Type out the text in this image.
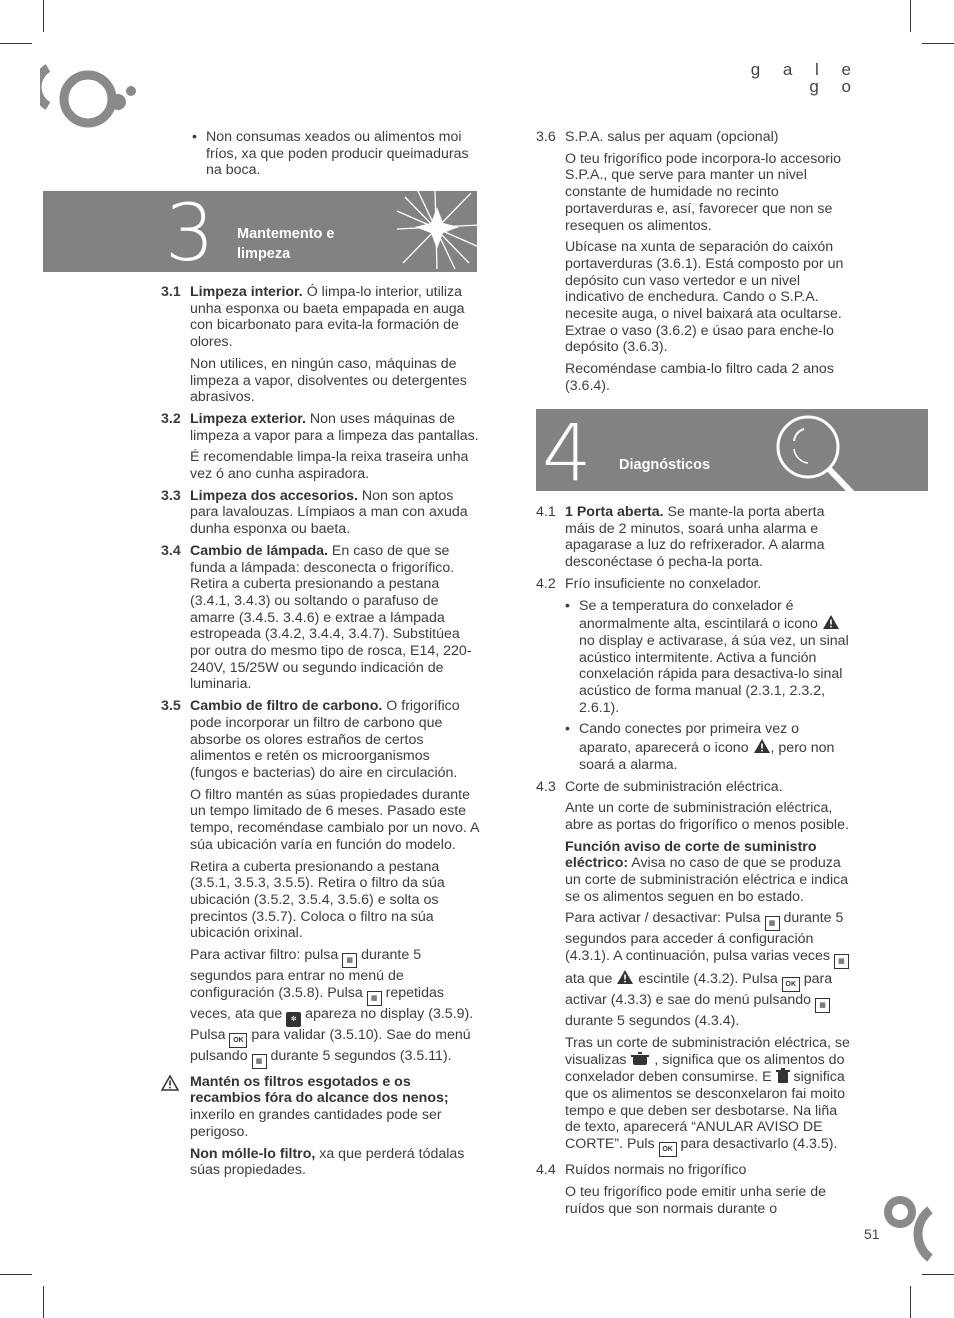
g a l e g o
51
• Non consumas xeados ou alimentos moi fríos, xa que poden producir queimaduras na boca.
3 Mantemento e
limpeza
3.1 Limpeza interior. Ó limpa-lo interior, utiliza unha esponxa ou baeta empapada en auga con bicarbonato para evita-la formación de olores.
Non utilices, en ningún caso, máquinas de limpeza a vapor, disolventes ou detergentes abrasivos.
3.2 Limpeza exterior. Non uses máquinas de limpeza a vapor para a limpeza das pantallas.
É recomendable limpa-la reixa traseira unha vez ó ano cunha aspiradora.
3.3 Limpeza dos accesorios. Non son aptos para lavalouzas. Límpiaos a man con axuda dunha esponxa ou baeta.
3.4 Cambio de lámpada. En caso de que se funda a lámpada: desconecta o frigorífico. Retira a cuberta presionando a pestana (3.4.1, 3.4.3) ou soltando o parafuso de amarre (3.4.5. 3.4.6) e extrae a lámpada estropeada (3.4.2, 3.4.4, 3.4.7). Substitúea por outra do mesmo tipo de rosca, E14, 220-240V, 15/25W ou segundo indicación de luminaria.
3.5 Cambio de filtro de carbono. O frigorífico pode incorporar un filtro de carbono que absorbe os olores estraños de certos alimentos e retén os microorganismos (fungos e bacterias) do aire en circulación.
O filtro mantén as súas propiedades durante un tempo limitado de 6 meses. Pasado este tempo, recoméndase cambialo por un novo. A súa ubicación varía en función do modelo.
Retira a cuberta presionando a pestana (3.5.1, 3.5.3, 3.5.5). Retira o filtro da súa ubicación (3.5.2, 3.5.4, 3.5.6) e solta os precintos (3.5.7). Coloca o filtro na súa ubicación orixinal.
Para activar filtro: pulsa ▦ durante 5 segundos para entrar no menú de configuración (3.5.8). Pulsa ▦ repetidas veces, ata que ✻ apareza no display (3.5.9). Pulsa OK para validar (3.5.10). Sae do menú pulsando ▦ durante 5 segundos (3.5.11).
Mantén os filtros esgotados e os recambios fóra do alcance dos nenos; inxerilo en grandes cantidades pode ser perigoso.
Non mólle-lo filtro, xa que perderá tódalas súas propiedades.
3.6 S.P.A. salus per aquam (opcional)
O teu frigorífico pode incorpora-lo accesorio S.P.A., que serve para manter un nivel constante de humidade no recinto portaverduras e, así, favorecer que non se resequen os alimentos.
Ubícase na xunta de separación do caixón portaverduras (3.6.1). Está composto por un depósito cun vaso vertedor e un nivel indicativo de enchedura. Cando o S.P.A. necesite auga, o nivel baixará ata ocultarse. Extrae o vaso (3.6.2) e úsao para enche-lo depósito (3.6.3).
Recoméndase cambia-lo filtro cada 2 anos (3.6.4).
4 Diagnósticos
4.1 1 Porta aberta. Se mante-la porta aberta máis de 2 minutos, soará unha alarma e apagarase a luz do refrixerador. A alarma desconéctase ó pecha-la porta.
4.2 Frío insuficiente no conxelador.
• Se a temperatura do conxelador é anormalmente alta, escintilará o icono  no display e activarase, á súa vez, un sinal acústico intermitente. Activa a función conxelación rápida para desactiva-lo sinal acústico de forma manual (2.3.1, 2.3.2, 2.6.1).
• Cando conectes por primeira vez o aparato, aparecerá o icono , pero non soará a alarma.
4.3 Corte de subministración eléctrica.
Ante un corte de subministración eléctrica, abre as portas do frigorífico o menos posible.
Función aviso de corte de suministro eléctrico: Avisa no caso de que se produza un corte de subministración eléctrica e indica se os alimentos seguen en bo estado.
Para activar / desactivar: Pulsa ▦ durante 5 segundos para acceder á configuración (4.3.1). A continuación, pulsa varias veces ▦ ata que  escintile (4.3.2). Pulsa OK para activar (4.3.3) e sae do menú pulsando ▦ durante 5 segundos (4.3.4).
Tras un corte de subministración eléctrica, se visualizas  , significa que os alimentos do conxelador deben consumirse. E  significa que os alimentos se desconxelaron fai moito tempo e que deben ser desbotarse. Na liña de texto, aparecerá “ANULAR AVISO DE CORTE”. Puls OK para desactivarlo (4.3.5).
4.4 Ruídos normais no frigorífico
O teu frigorífico pode emitir unha serie de ruídos que son normais durante o
